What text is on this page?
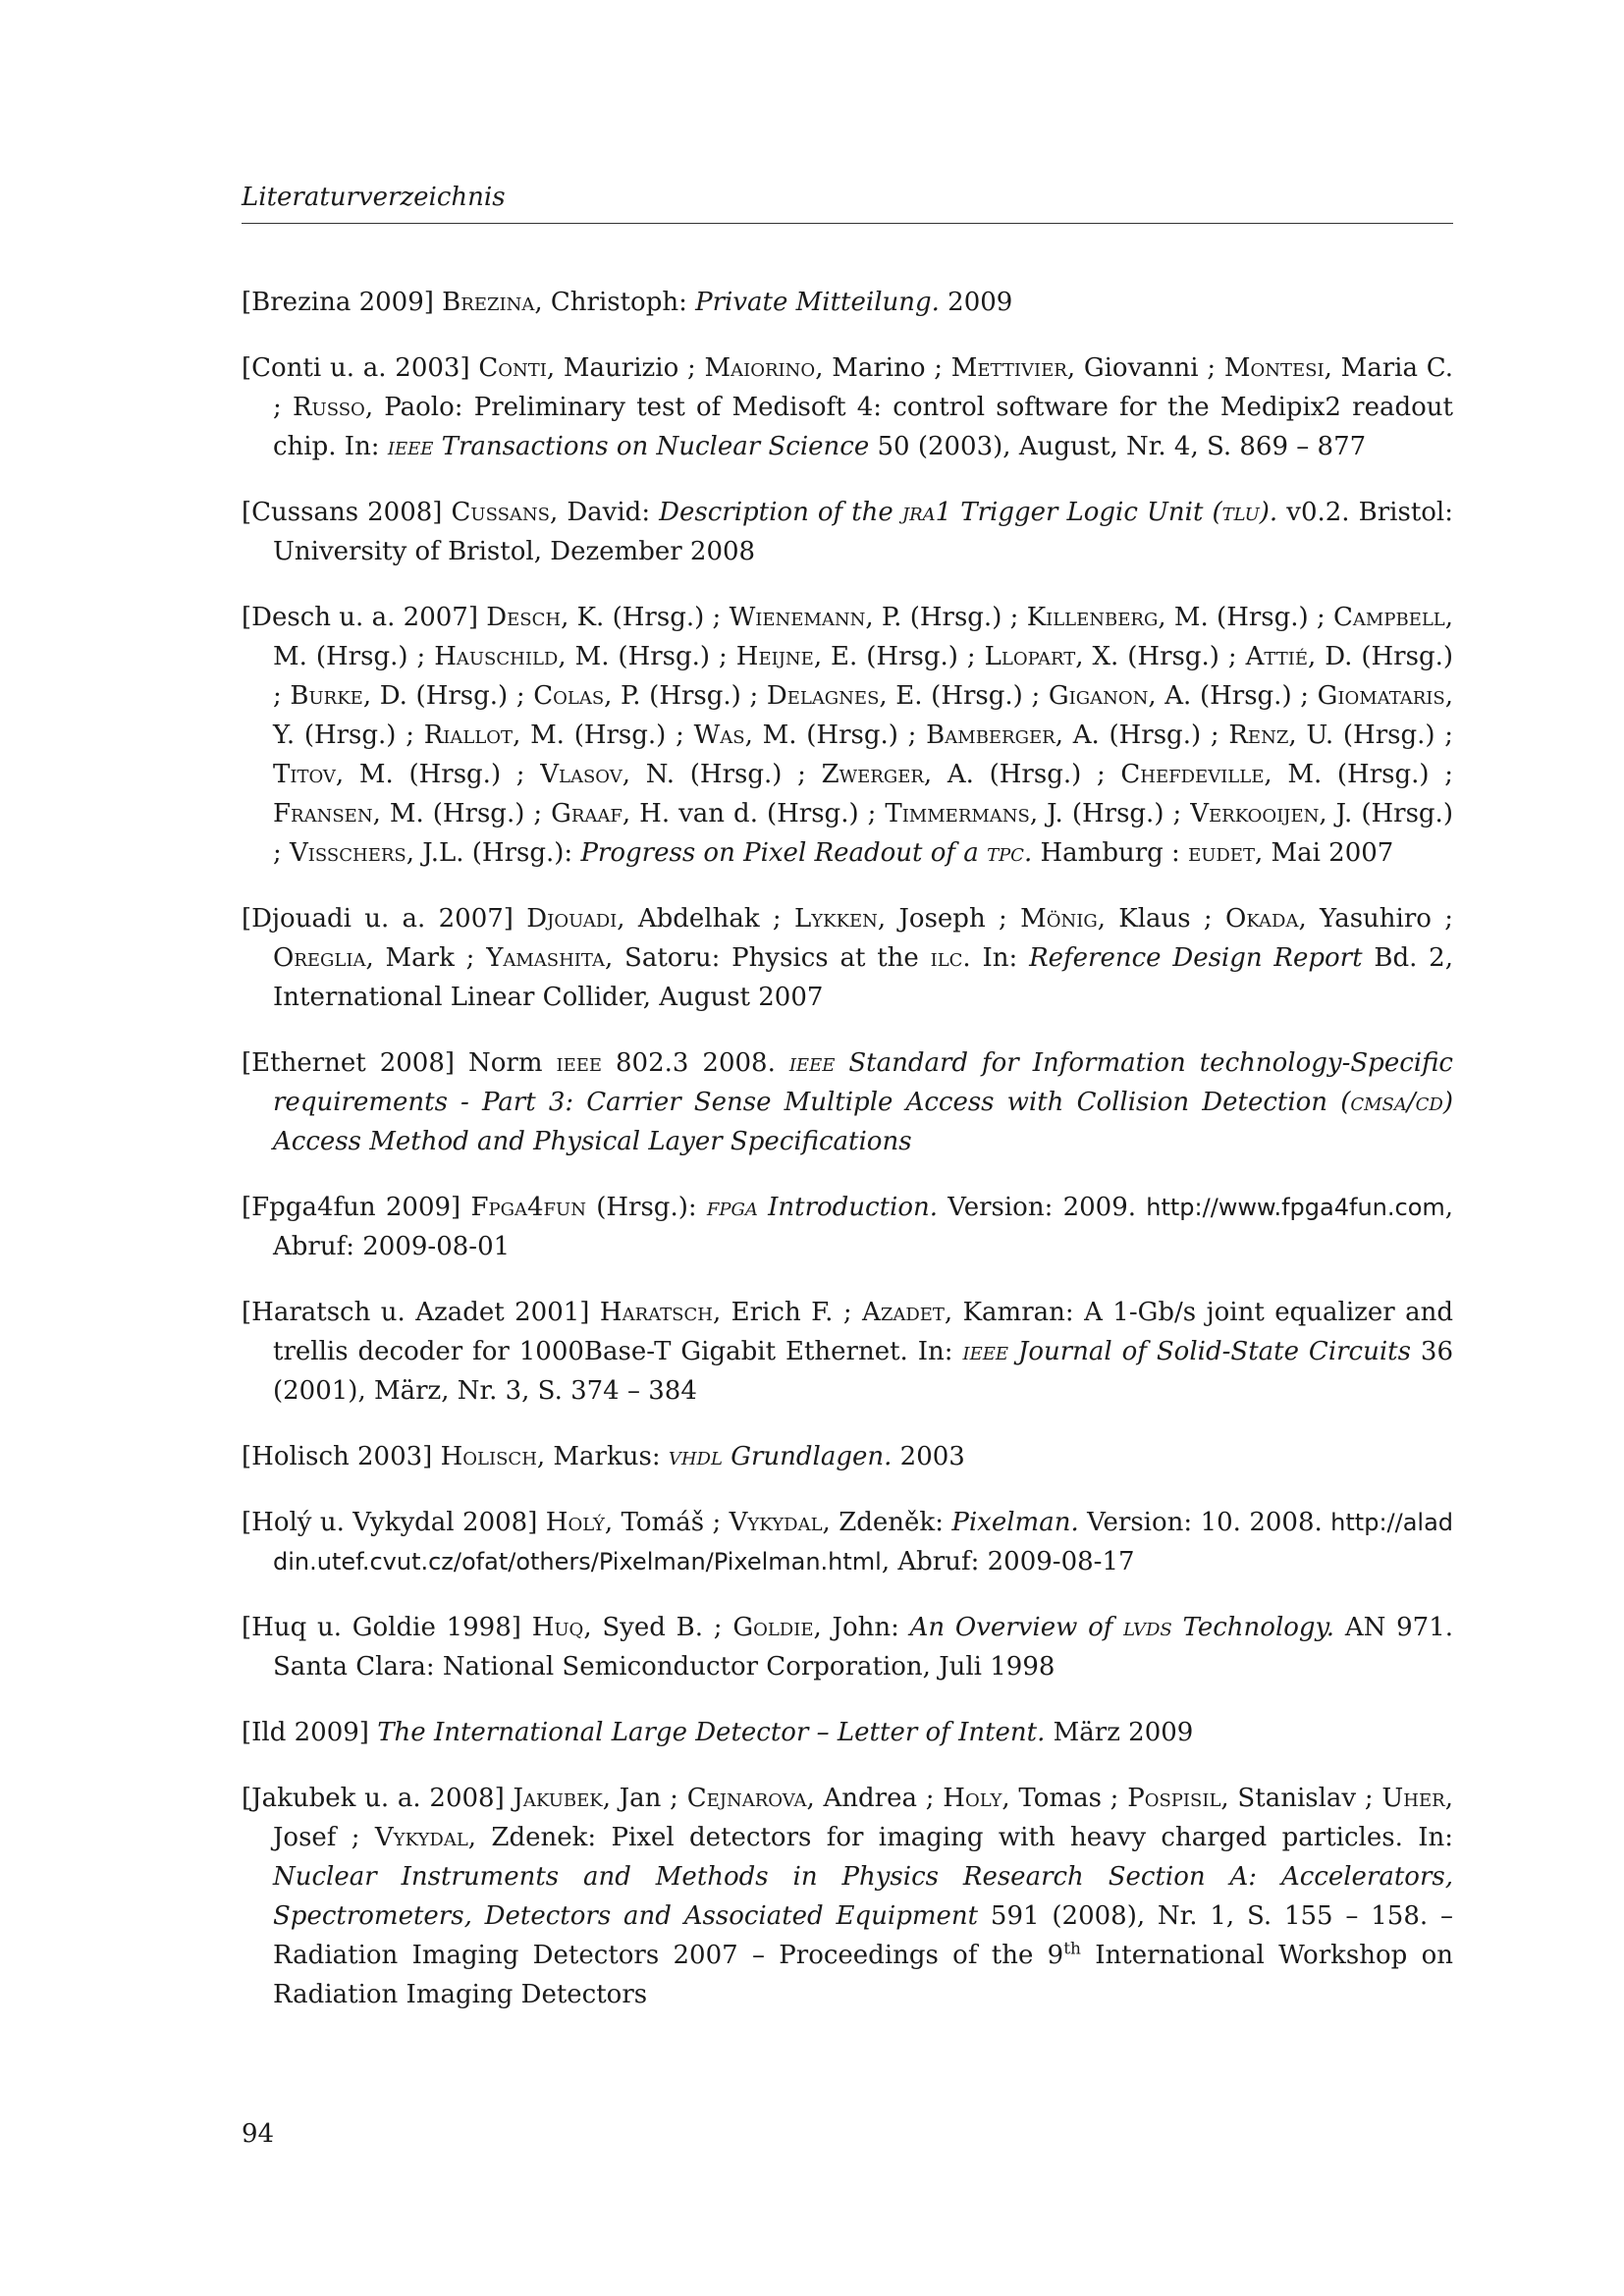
Literaturverzeichnis

[Brezina 2009] Brezina, Christoph: Private Mitteilung. 2009

[Conti u. a. 2003] Conti, Maurizio ; Maiorino, Marino ; Mettivier, Giovanni ; Montesi, Maria C. ; Russo, Paolo: Preliminary test of Medisoft 4: control software for the Medipix2 readout chip. In: ieee Transactions on Nuclear Science 50 (2003), August, Nr. 4, S. 869 – 877

[Cussans 2008] Cussans, David: Description of the jra1 Trigger Logic Unit (tlu). v0.2. Bristol: University of Bristol, Dezember 2008

[Desch u. a. 2007] Desch, K. (Hrsg.) ; Wienemann, P. (Hrsg.) ; Killenberg, M. (Hrsg.) ; Campbell, M. (Hrsg.) ; Hauschild, M. (Hrsg.) ; Heijne, E. (Hrsg.) ; Llopart, X. (Hrsg.) ; Attié, D. (Hrsg.) ; Burke, D. (Hrsg.) ; Colas, P. (Hrsg.) ; Delagnes, E. (Hrsg.) ; Giganon, A. (Hrsg.) ; Giomataris, Y. (Hrsg.) ; Riallot, M. (Hrsg.) ; Was, M. (Hrsg.) ; Bamberger, A. (Hrsg.) ; Renz, U. (Hrsg.) ; Titov, M. (Hrsg.) ; Vlasov, N. (Hrsg.) ; Zwerger, A. (Hrsg.) ; Chefdeville, M. (Hrsg.) ; Fransen, M. (Hrsg.) ; Graaf, H. van d. (Hrsg.) ; Timmermans, J. (Hrsg.) ; Verkooijen, J. (Hrsg.) ; Visschers, J.L. (Hrsg.): Progress on Pixel Readout of a tpc. Hamburg : eudet, Mai 2007

[Djouadi u. a. 2007] Djouadi, Abdelhak ; Lykken, Joseph ; Mönig, Klaus ; Okada, Yasuhiro ; Oreglia, Mark ; Yamashita, Satoru: Physics at the ilc. In: Reference Design Report Bd. 2, International Linear Collider, August 2007

[Ethernet 2008] Norm ieee 802.3 2008. ieee Standard for Information technology-Specific requirements - Part 3: Carrier Sense Multiple Access with Collision Detection (cmsa/cd) Access Method and Physical Layer Specifications

[Fpga4fun 2009] Fpga4fun (Hrsg.): fpga Introduction. Version: 2009. http://www.fpga4fun.com, Abruf: 2009-08-01

[Haratsch u. Azadet 2001] Haratsch, Erich F. ; Azadet, Kamran: A 1-Gb/s joint equalizer and trellis decoder for 1000Base-T Gigabit Ethernet. In: ieee Journal of Solid-State Circuits 36 (2001), März, Nr. 3, S. 374 – 384

[Holisch 2003] Holisch, Markus: vhdl Grundlagen. 2003

[Holý u. Vykydal 2008] Holý, Tomáš ; Vykydal, Zdeněk: Pixelman. Version: 10. 2008. http://aladdin.utef.cvut.cz/ofat/others/Pixelman/Pixelman.html, Abruf: 2009-08-17

[Huq u. Goldie 1998] Huq, Syed B. ; Goldie, John: An Overview of lvds Technology. AN 971. Santa Clara: National Semiconductor Corporation, Juli 1998

[Ild 2009] The International Large Detector – Letter of Intent. März 2009

[Jakubek u. a. 2008] Jakubek, Jan ; Cejnarova, Andrea ; Holy, Tomas ; Pospisil, Stanislav ; Uher, Josef ; Vykydal, Zdenek: Pixel detectors for imaging with heavy charged particles. In: Nuclear Instruments and Methods in Physics Research Section A: Accelerators, Spectrometers, Detectors and Associated Equipment 591 (2008), Nr. 1, S. 155 – 158. – Radiation Imaging Detectors 2007 – Proceedings of the 9th International Workshop on Radiation Imaging Detectors

94
